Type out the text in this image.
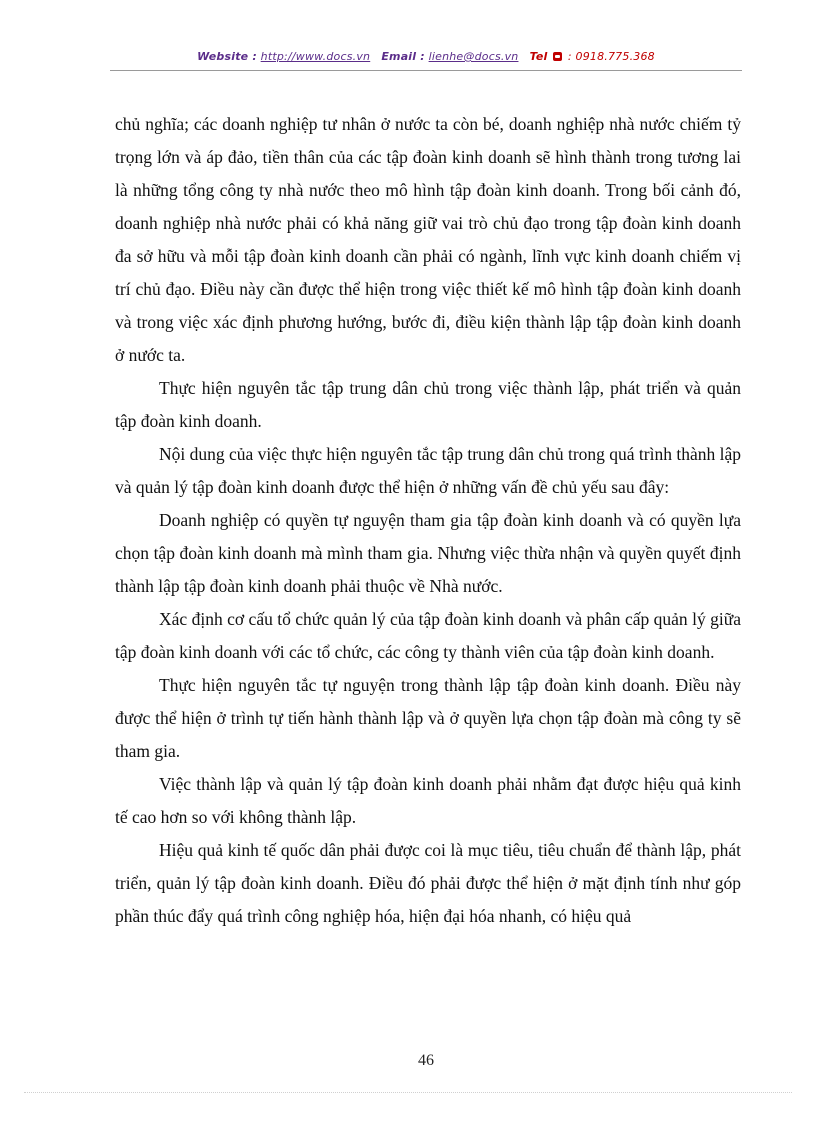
Website : http://www.docs.vn Email : lienhe@docs.vn Tel : 0918.775.368

chủ nghĩa; các doanh nghiệp tư nhân ở nước ta còn bé, doanh nghiệp nhà nước chiếm tỷ trọng lớn và áp đảo, tiền thân của các tập đoàn kinh doanh sẽ hình thành trong tương lai là những tổng công ty nhà nước theo mô hình tập đoàn kinh doanh. Trong bối cảnh đó, doanh nghiệp nhà nước phải có khả năng giữ vai trò chủ đạo trong tập đoàn kinh doanh đa sở hữu và mỗi tập đoàn kinh doanh cần phải có ngành, lĩnh vực kinh doanh chiếm vị trí chủ đạo. Điều này cần được thể hiện trong việc thiết kế mô hình tập đoàn kinh doanh và trong việc xác định phương hướng, bước đi, điều kiện thành lập tập đoàn kinh doanh ở nước ta.

Thực hiện nguyên tắc tập trung dân chủ trong việc thành lập, phát triển và quản tập đoàn kinh doanh.

Nội dung của việc thực hiện nguyên tắc tập trung dân chủ trong quá trình thành lập và quản lý tập đoàn kinh doanh được thể hiện ở những vấn đề chủ yếu sau đây:

Doanh nghiệp có quyền tự nguyện tham gia tập đoàn kinh doanh và có quyền lựa chọn tập đoàn kinh doanh mà mình tham gia. Nhưng việc thừa nhận và quyền quyết định thành lập tập đoàn kinh doanh phải thuộc về Nhà nước.

Xác định cơ cấu tổ chức quản lý của tập đoàn kinh doanh và phân cấp quản lý giữa tập đoàn kinh doanh với các tổ chức, các công ty thành viên của tập đoàn kinh doanh.

Thực hiện nguyên tắc tự nguyện trong thành lập tập đoàn kinh doanh. Điều này được thể hiện ở trình tự tiến hành thành lập và ở quyền lựa chọn tập đoàn mà công ty sẽ tham gia.

Việc thành lập và quản lý tập đoàn kinh doanh phải nhằm đạt được hiệu quả kinh tế cao hơn so với không thành lập.

Hiệu quả kinh tế quốc dân phải được coi là mục tiêu, tiêu chuẩn để thành lập, phát triển, quản lý tập đoàn kinh doanh. Điều đó phải được thể hiện ở mặt định tính như góp phần thúc đẩy quá trình công nghiệp hóa, hiện đại hóa nhanh, có hiệu quả

46
